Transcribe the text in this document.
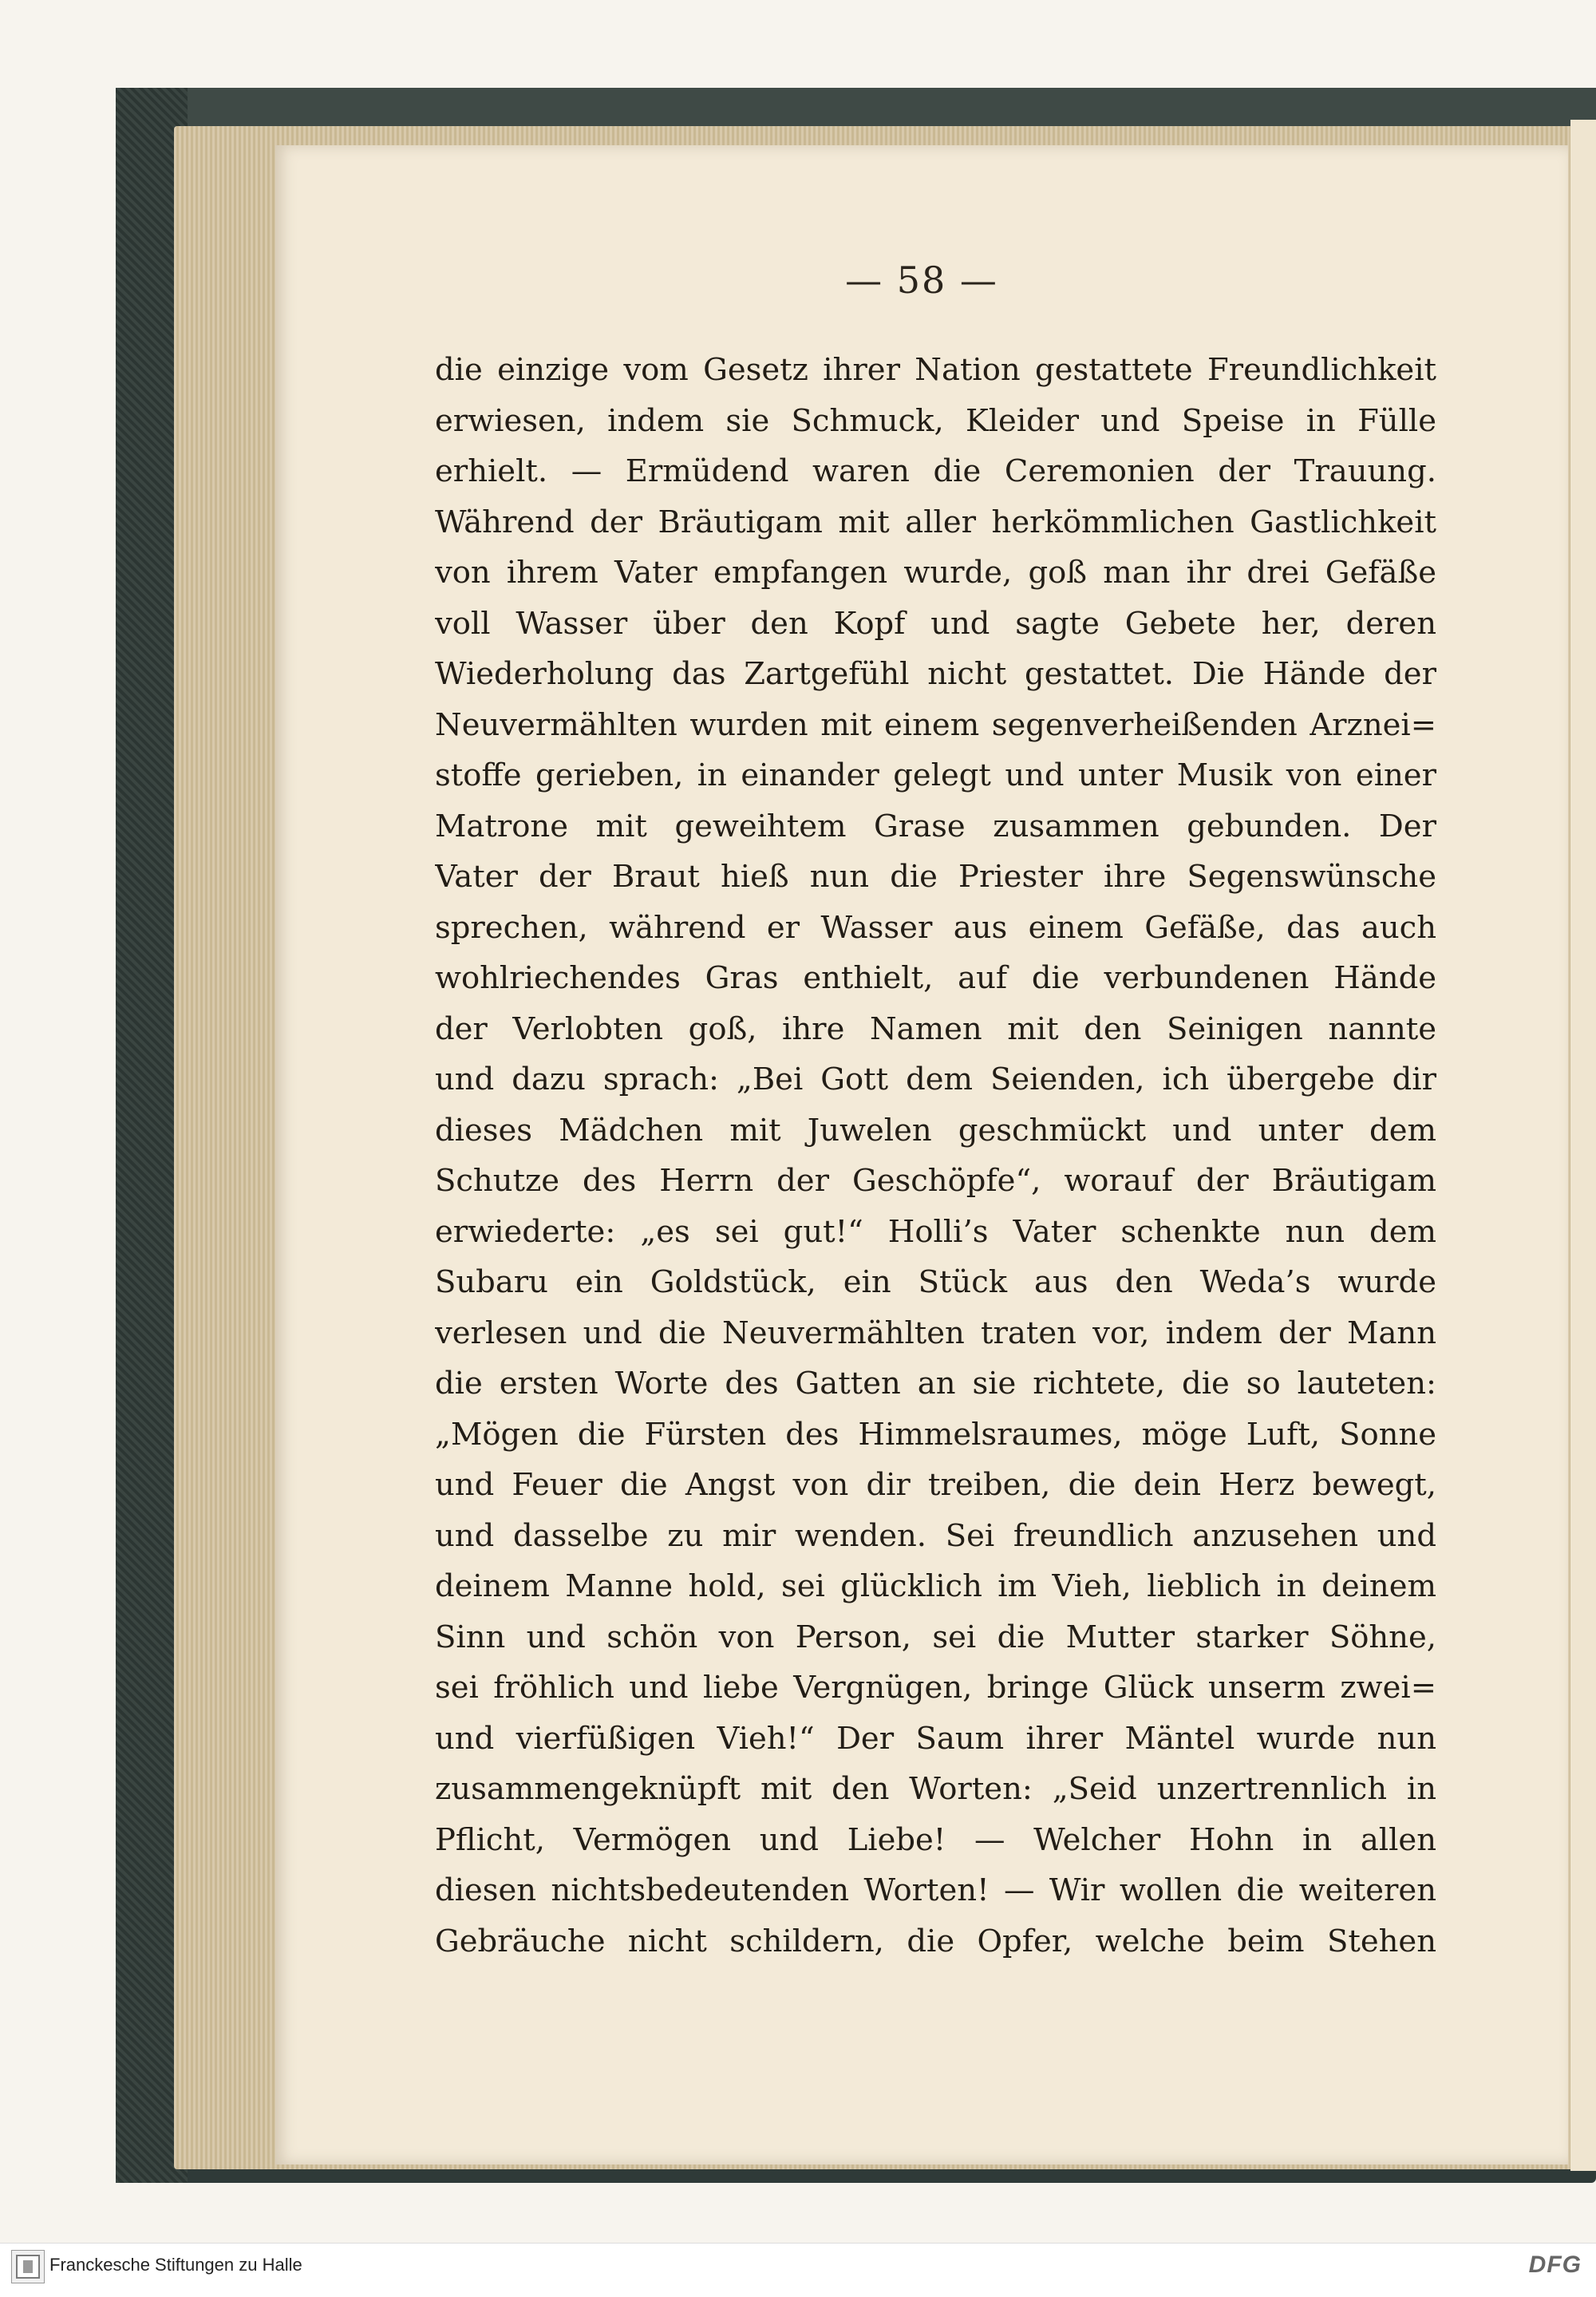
— 58 —
die einzige vom Gesetz ihrer Nation gestattete Freundlichkeit
erwiesen, indem sie Schmuck, Kleider und Speise in Fülle
erhielt. — Ermüdend waren die Ceremonien der Trauung.
Während der Bräutigam mit aller herkömmlichen Gastlichkeit
von ihrem Vater empfangen wurde, goß man ihr drei Gefäße
voll Wasser über den Kopf und sagte Gebete her, deren
Wiederholung das Zartgefühl nicht gestattet. Die Hände der
Neuvermählten wurden mit einem segenverheißenden Arznei=
stoffe gerieben, in einander gelegt und unter Musik von einer
Matrone mit geweihtem Grase zusammen gebunden. Der
Vater der Braut hieß nun die Priester ihre Segenswünsche
sprechen, während er Wasser aus einem Gefäße, das auch
wohlriechendes Gras enthielt, auf die verbundenen Hände
der Verlobten goß, ihre Namen mit den Seinigen nannte
und dazu sprach: „Bei Gott dem Seienden, ich übergebe dir
dieses Mädchen mit Juwelen geschmückt und unter dem
Schutze des Herrn der Geschöpfe“, worauf der Bräutigam
erwiederte: „es sei gut!“ Holli’s Vater schenkte nun dem
Subaru ein Goldstück, ein Stück aus den Weda’s wurde
verlesen und die Neuvermählten traten vor, indem der Mann
die ersten Worte des Gatten an sie richtete, die so lauteten:
„Mögen die Fürsten des Himmelsraumes, möge Luft, Sonne
und Feuer die Angst von dir treiben, die dein Herz bewegt,
und dasselbe zu mir wenden. Sei freundlich anzusehen und
deinem Manne hold, sei glücklich im Vieh, lieblich in deinem
Sinn und schön von Person, sei die Mutter starker Söhne,
sei fröhlich und liebe Vergnügen, bringe Glück unserm zwei=
und vierfüßigen Vieh!“ Der Saum ihrer Mäntel wurde nun
zusammengeknüpft mit den Worten: „Seid unzertrennlich in
Pflicht, Vermögen und Liebe! — Welcher Hohn in allen
diesen nichtsbedeutenden Worten! — Wir wollen die weiteren
Gebräuche nicht schildern, die Opfer, welche beim Stehen
Franckesche Stiftungen zu Halle	DFG
